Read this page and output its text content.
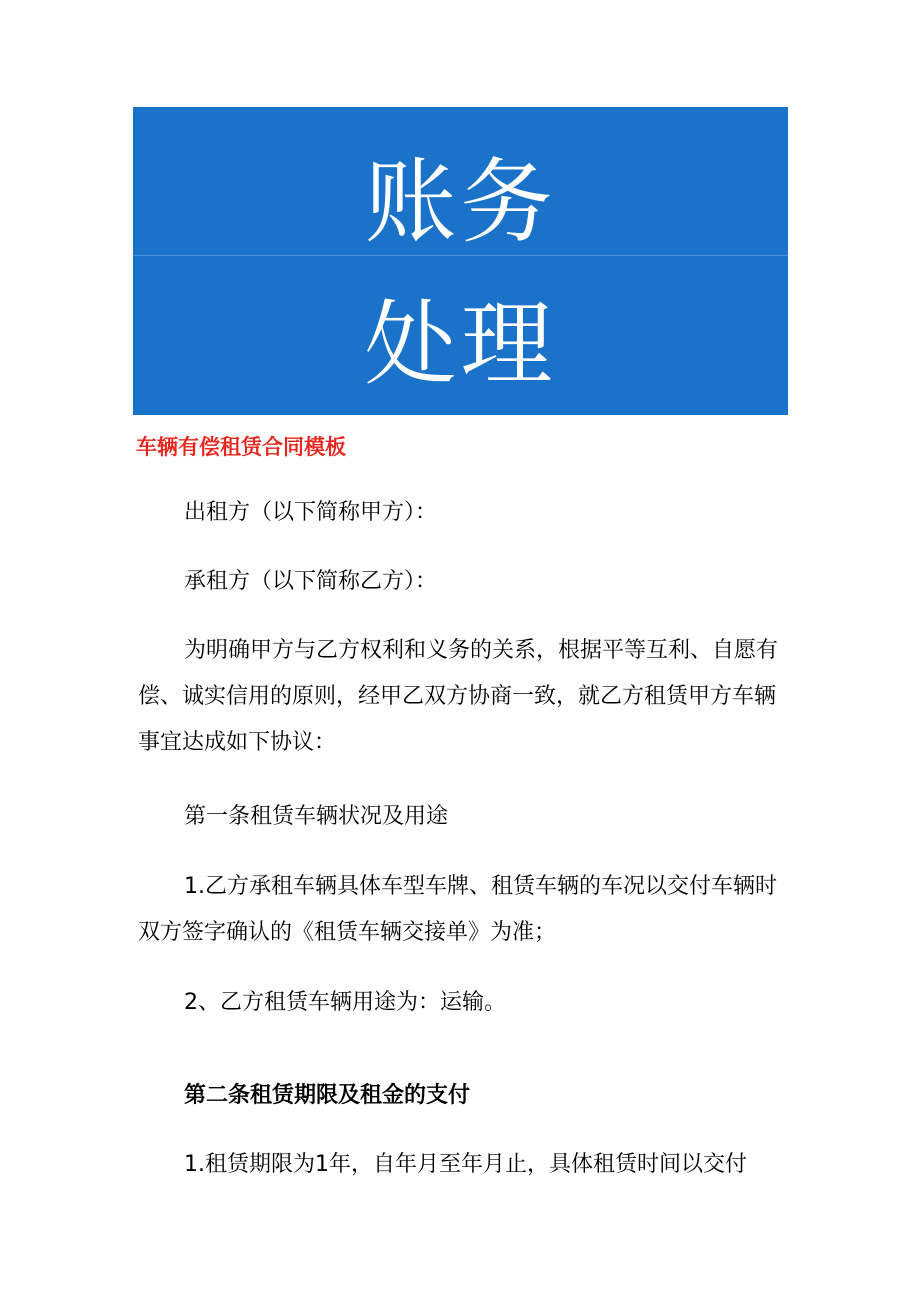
账务
处理
车辆有偿租赁合同模板
出租方（以下简称甲方）：
承租方（以下简称乙方）：
为明确甲方与乙方权利和义务的关系，根据平等互利、自愿有偿、诚实信用的原则，经甲乙双方协商一致，就乙方租赁甲方车辆事宜达成如下协议：
第一条租赁车辆状况及用途
1.乙方承租车辆具体车型车牌、租赁车辆的车况以交付车辆时双方签字确认的《租赁车辆交接单》为准；
2、乙方租赁车辆用途为：运输。
第二条租赁期限及租金的支付
1.租赁期限为1年，自年月至年月止，具体租赁时间以交付
